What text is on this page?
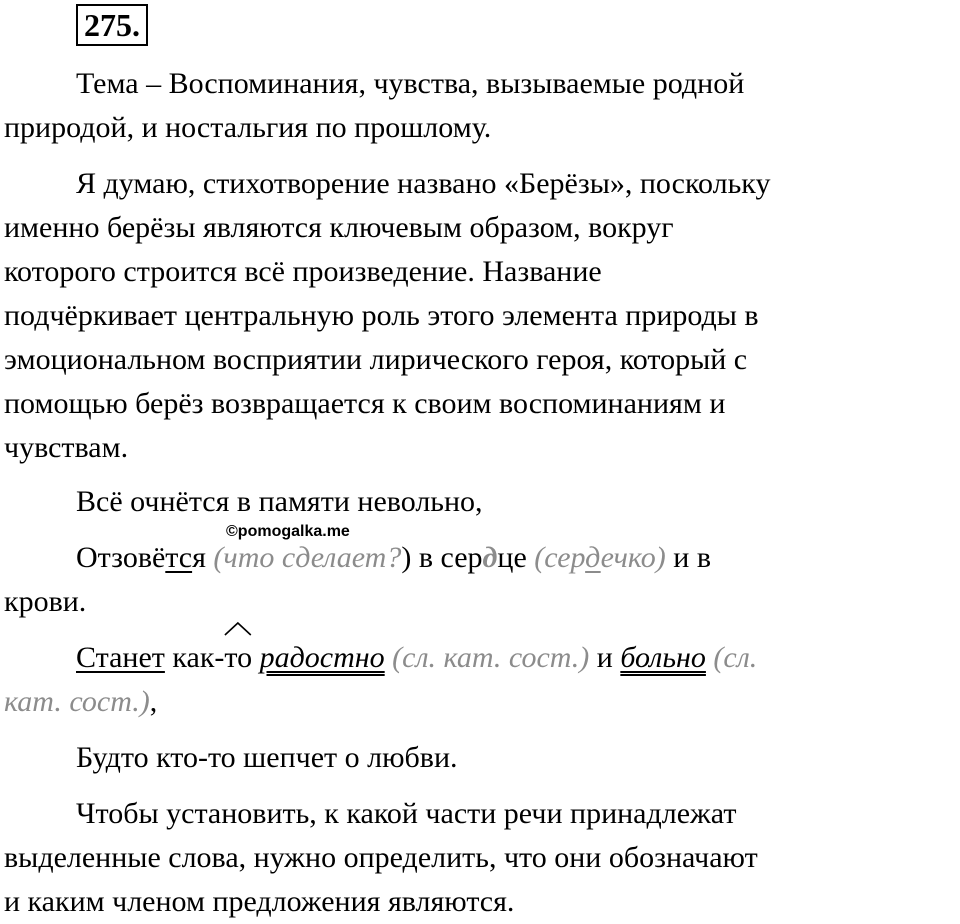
275.
Тема – Воспоминания, чувства, вызываемые родной
природой, и ностальгия по прошлому.
Я думаю, стихотворение названо «Берёзы», поскольку
именно берёзы являются ключевым образом, вокруг
которого строится всё произведение. Название
подчёркивает центральную роль этого элемента природы в
эмоциональном восприятии лирического героя, который с
помощью берёз возвращается к своим воспоминаниям и
чувствам.
Всё очнётся в памяти невольно,
©pomogalka.me
Отзовётся (что сделает?) в сердце (сердечко) и в
крови.
Станет как-
то радостно (сл. кат. сост.) и больно (сл.
кат. сост.),
Будто кто-то шепчет о любви.
Чтобы установить, к какой части речи принадлежат
выделенные слова, нужно определить, что они обозначают
и каким членом предложения являются.
